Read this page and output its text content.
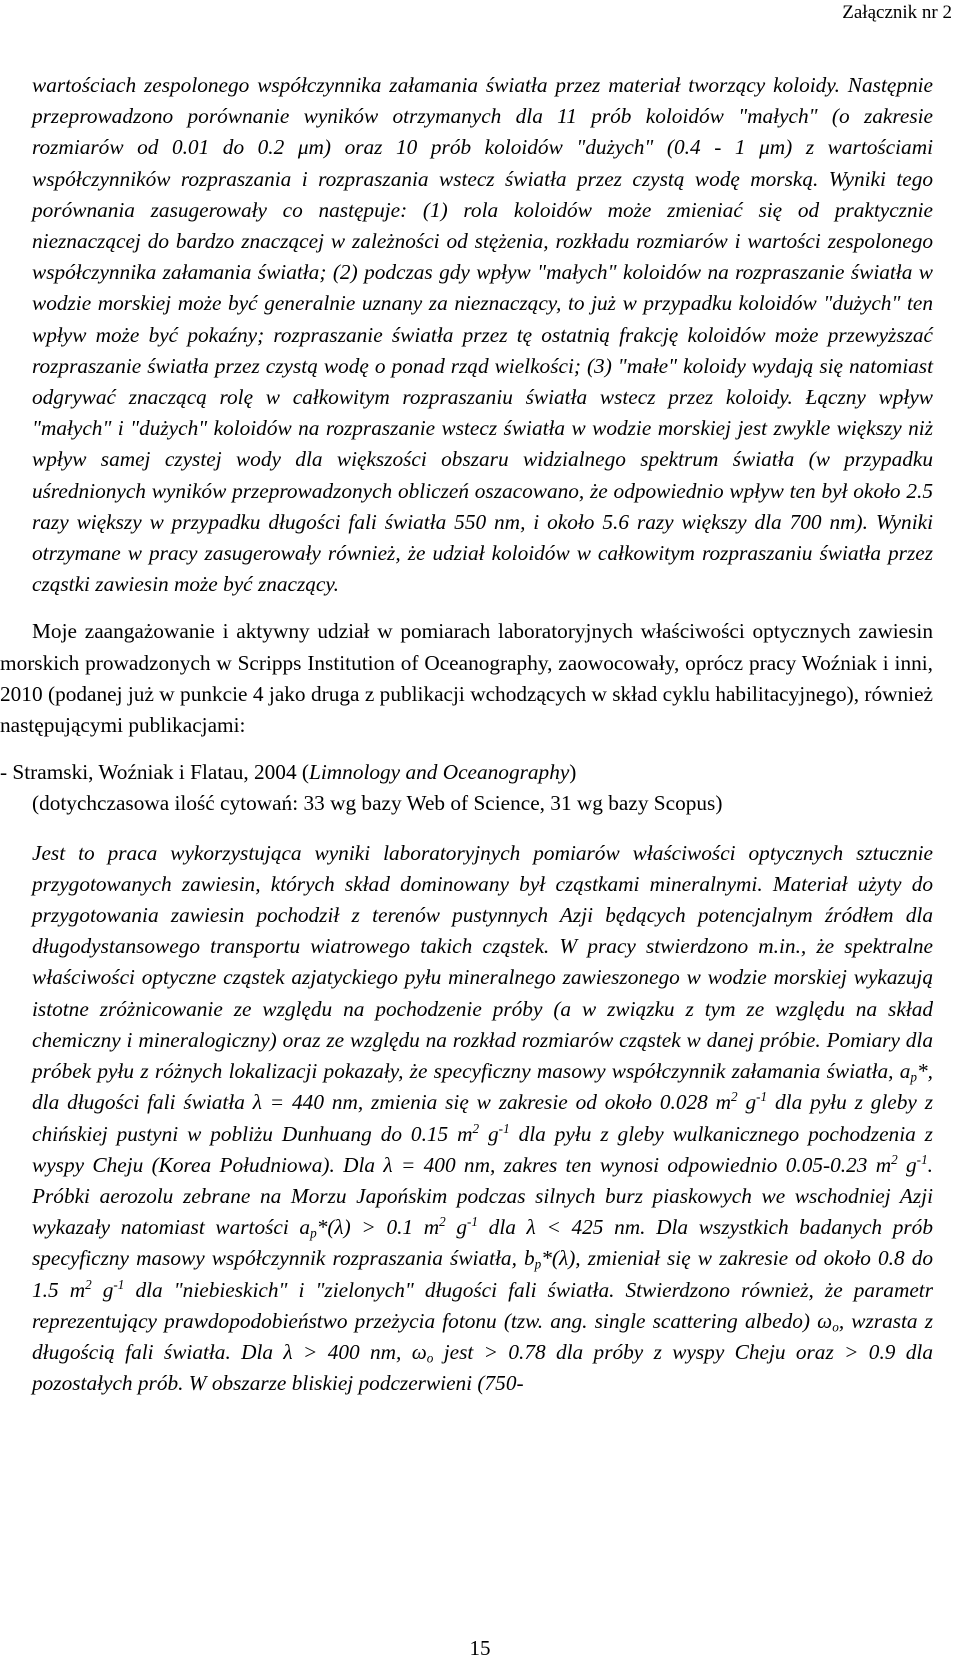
Załącznik nr 2

wartościach zespolonego współczynnika załamania światła przez materiał tworzący koloidy. Następnie przeprowadzono porównanie wyników otrzymanych dla 11 prób koloidów "małych" (o zakresie rozmiarów od 0.01 do 0.2 μm) oraz 10 prób koloidów "dużych" (0.4 - 1 μm) z wartościami współczynników rozpraszania i rozpraszania wstecz światła przez czystą wodę morską. Wyniki tego porównania zasugerowały co następuje: (1) rola koloidów może zmieniać się od praktycznie nieznaczącej do bardzo znaczącej w zależności od stężenia, rozkładu rozmiarów i wartości zespolonego współczynnika załamania światła; (2) podczas gdy wpływ "małych" koloidów na rozpraszanie światła w wodzie morskiej może być generalnie uznany za nieznaczący, to już w przypadku koloidów "dużych" ten wpływ może być pokaźny; rozpraszanie światła przez tę ostatnią frakcję koloidów może przewyższać rozpraszanie światła przez czystą wodę o ponad rząd wielkości; (3) "małe" koloidy wydają się natomiast odgrywać znaczącą rolę w całkowitym rozpraszaniu światła wstecz przez koloidy. Łączny wpływ "małych" i "dużych" koloidów na rozpraszanie wstecz światła w wodzie morskiej jest zwykle większy niż wpływ samej czystej wody dla większości obszaru widzialnego spektrum światła (w przypadku uśrednionych wyników przeprowadzonych obliczeń oszacowano, że odpowiednio wpływ ten był około 2.5 razy większy w przypadku długości fali światła 550 nm, i około 5.6 razy większy dla 700 nm). Wyniki otrzymane w pracy zasugerowały również, że udział koloidów w całkowitym rozpraszaniu światła przez cząstki zawiesin może być znaczący.

Moje zaangażowanie i aktywny udział w pomiarach laboratoryjnych właściwości optycznych zawiesin morskich prowadzonych w Scripps Institution of Oceanography, zaowocowały, oprócz pracy Woźniak i inni, 2010 (podanej już w punkcie 4 jako druga z publikacji wchodzących w skład cyklu habilitacyjnego), również następującymi publikacjami:

- Stramski, Woźniak i Flatau, 2004 (Limnology and Oceanography)
(dotychczasowa ilość cytowań: 33 wg bazy Web of Science, 31 wg bazy Scopus)

Jest to praca wykorzystująca wyniki laboratoryjnych pomiarów właściwości optycznych sztucznie przygotowanych zawiesin, których skład dominowany był cząstkami mineralnymi. Materiał użyty do przygotowania zawiesin pochodził z terenów pustynnych Azji będących potencjalnym źródłem dla długodystansowego transportu wiatrowego takich cząstek. W pracy stwierdzono m.in., że spektralne właściwości optyczne cząstek azjatyckiego pyłu mineralnego zawieszonego w wodzie morskiej wykazują istotne zróżnicowanie ze względu na pochodzenie próby (a w związku z tym ze względu na skład chemiczny i mineralogiczny) oraz ze względu na rozkład rozmiarów cząstek w danej próbie. Pomiary dla próbek pyłu z różnych lokalizacji pokazały, że specyficzny masowy współczynnik załamania światła, $a_p*$, dla długości fali światła λ = 440 nm, zmienia się w zakresie od około 0.028 $m^2$ $g^{-1}$ dla pyłu z gleby z chińskiej pustyni w pobliżu Dunhuang do 0.15 $m^2$ $g^{-1}$ dla pyłu z gleby wulkanicznego pochodzenia z wyspy Cheju (Korea Południowa). Dla λ = 400 nm, zakres ten wynosi odpowiednio 0.05-0.23 $m^2$ $g^{-1}$. Próbki aerozolu zebrane na Morzu Japońskim podczas silnych burz piaskowych we wschodniej Azji wykazały natomiast wartości $a_p*(\lambda) > 0.1$ $m^2$ $g^{-1}$ dla λ < 425 nm. Dla wszystkich badanych prób specyficzny masowy współczynnik rozpraszania światła, $b_p*(\lambda)$, zmieniał się w zakresie od około 0.8 do 1.5 $m^2$ $g^{-1}$ dla "niebieskich" i "zielonych" długości fali światła. Stwierdzono również, że parametr reprezentujący prawdopodobieństwo przeżycia fotonu (tzw. ang. single scattering albedo) $\omega_o$, wzrasta z długością fali światła. Dla λ > 400 nm, $\omega_o$ jest > 0.78 dla próby z wyspy Cheju oraz > 0.9 dla pozostałych prób. W obszarze bliskiej podczerwieni (750-

15
